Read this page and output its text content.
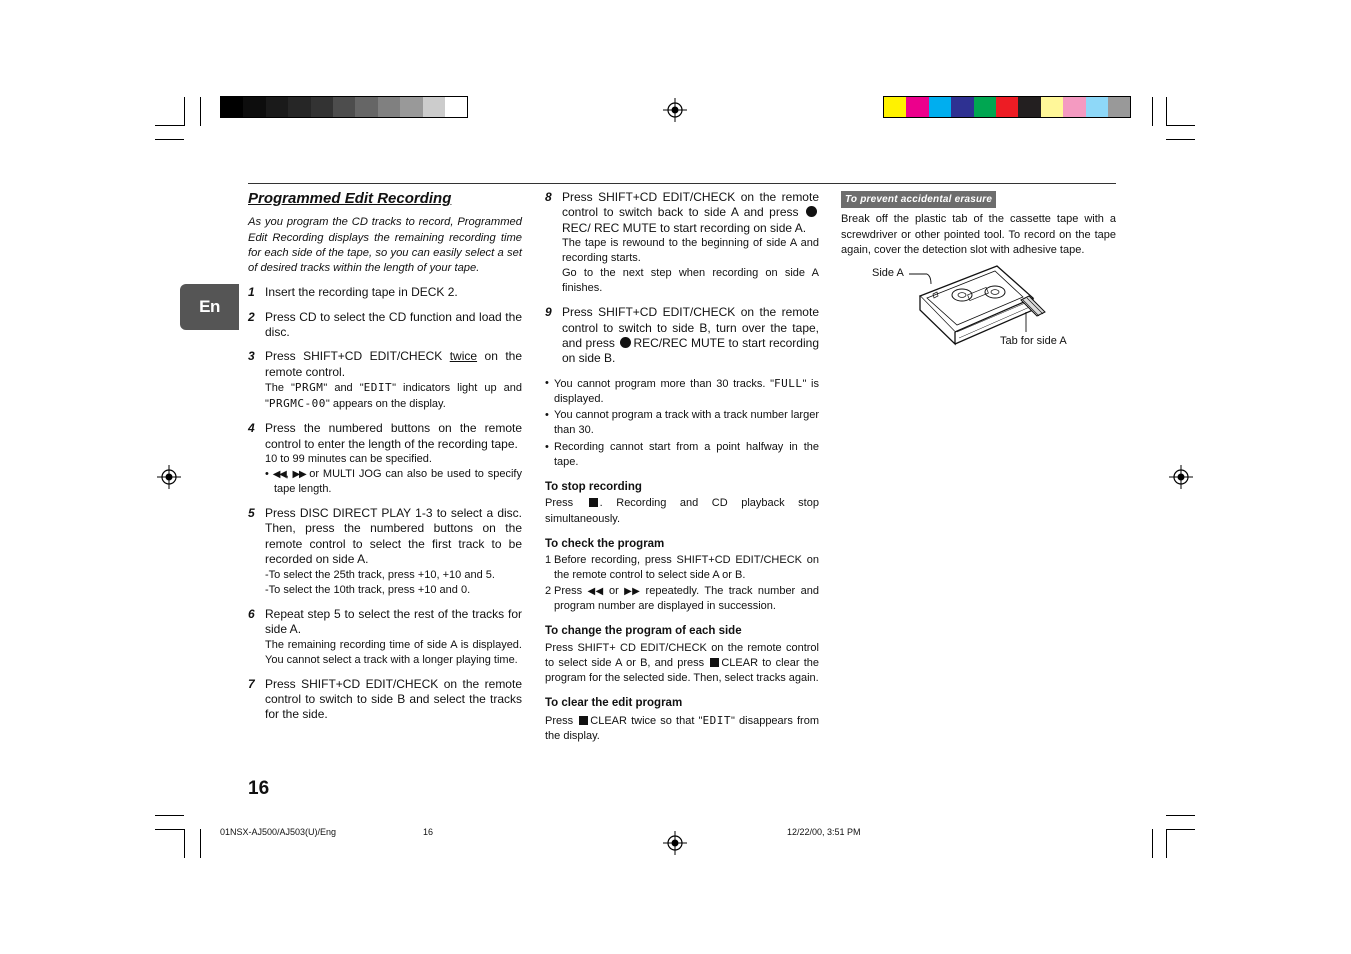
En
Programmed Edit Recording
As you program the CD tracks to record, Programmed Edit Recording displays the remaining recording time for each side of the tape, so you can easily select a set of desired tracks within the length of your tape.
1 Insert the recording tape in DECK 2.
2 Press CD to select the CD function and load the disc.
3 Press SHIFT+CD EDIT/CHECK twice on the remote control.
The "PRGM" and "EDIT" indicators light up and "PRGMC-00" appears on the display.
4 Press the numbered buttons on the remote control to enter the length of the recording tape.
10 to 99 minutes can be specified.
• ◀◀, ▶▶ or MULTI JOG can also be used to specify tape length.
5 Press DISC DIRECT PLAY 1-3 to select a disc. Then, press the numbered buttons on the remote control to select the first track to be recorded on side A.
-To select the 25th track, press +10, +10 and 5.
-To select the 10th track, press +10 and 0.
6 Repeat step 5 to select the rest of the tracks for side A.
The remaining recording time of side A is displayed. You cannot select a track with a longer playing time.
7 Press SHIFT+CD EDIT/CHECK on the remote control to switch to side B and select the tracks for the side.
8 Press SHIFT+CD EDIT/CHECK on the remote control to switch back to side A and press REC/ REC MUTE to start recording on side A.
The tape is rewound to the beginning of side A and recording starts.
Go to the next step when recording on side A finishes.
9 Press SHIFT+CD EDIT/CHECK on the remote control to switch to side B, turn over the tape, and press REC/REC MUTE to start recording on side B.
• You cannot program more than 30 tracks. "FULL" is displayed.
• You cannot program a track with a track number larger than 30.
• Recording cannot start from a point halfway in the tape.
To stop recording
Press . Recording and CD playback stop simultaneously.
To check the program
1 Before recording, press SHIFT+CD EDIT/CHECK on the remote control to select side A or B.
2 Press ◀◀ or ▶▶ repeatedly. The track number and program number are displayed in succession.
To change the program of each side
Press SHIFT+ CD EDIT/CHECK on the remote control to select side A or B, and press CLEAR to clear the program for the selected side. Then, select tracks again.
To clear the edit program
Press CLEAR twice so that "EDIT" disappears from the display.
To prevent accidental erasure
Break off the plastic tab of the cassette tape with a screwdriver or other pointed tool. To record on the tape again, cover the detection slot with adhesive tape.
Side A
Tab for side A
16
01NSX-AJ500/AJ503(U)/Eng	16	12/22/00, 3:51 PM
